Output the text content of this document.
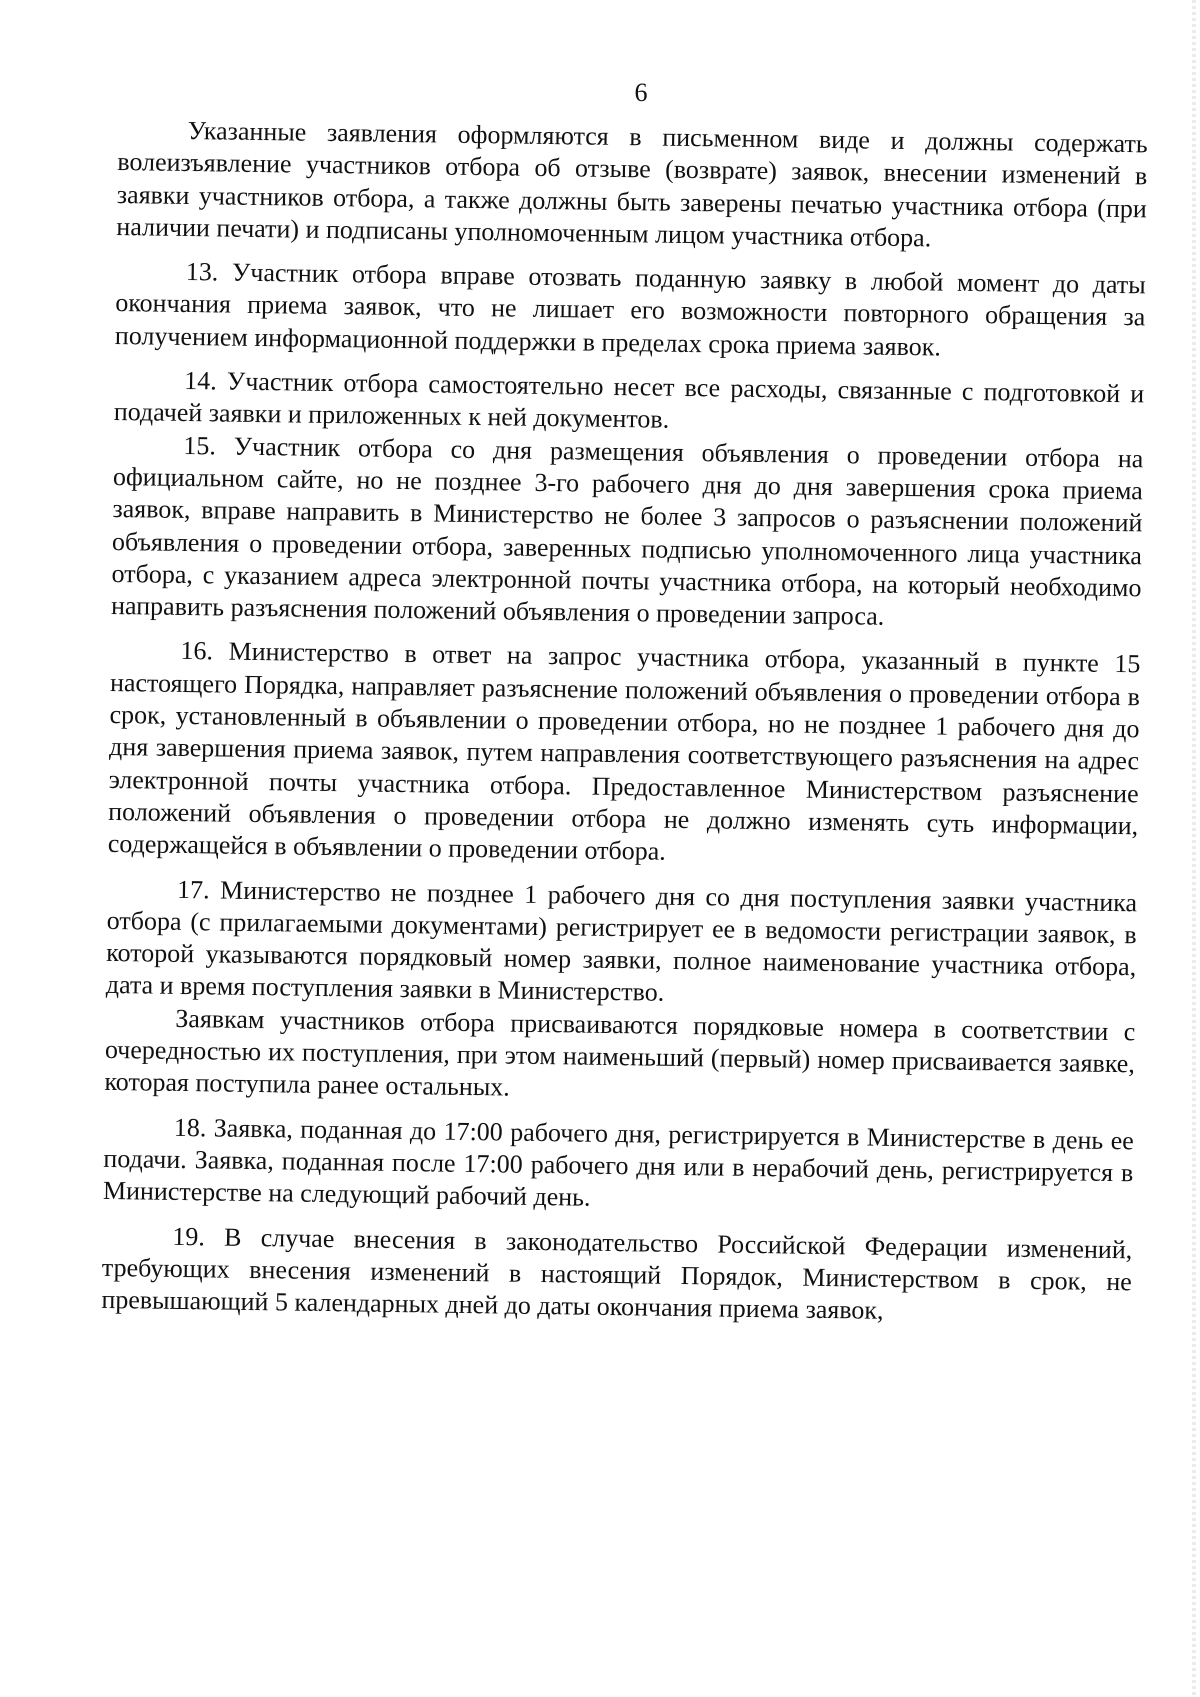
6

Указанные заявления оформляются в письменном виде и должны содержать волеизъявление участников отбора об отзыве (возврате) заявок, внесении изменений в заявки участников отбора, а также должны быть заверены печатью участника отбора (при наличии печати) и подписаны уполномоченным лицом участника отбора.

13. Участник отбора вправе отозвать поданную заявку в любой момент до даты окончания приема заявок, что не лишает его возможности повторного обращения за получением информационной поддержки в пределах срока приема заявок.

14. Участник отбора самостоятельно несет все расходы, связанные с подготовкой и подачей заявки и приложенных к ней документов.

15. Участник отбора со дня размещения объявления о проведении отбора на официальном сайте, но не позднее 3-го рабочего дня до дня завершения срока приема заявок, вправе направить в Министерство не более 3 запросов о разъяснении положений объявления о проведении отбора, заверенных подписью уполномоченного лица участника отбора, с указанием адреса электронной почты участника отбора, на который необходимо направить разъяснения положений объявления о проведении запроса.

16. Министерство в ответ на запрос участника отбора, указанный в пункте 15 настоящего Порядка, направляет разъяснение положений объявления о проведении отбора в срок, установленный в объявлении о проведении отбора, но не позднее 1 рабочего дня до дня завершения приема заявок, путем направления соответствующего разъяснения на адрес электронной почты участника отбора. Предоставленное Министерством разъяснение положений объявления о проведении отбора не должно изменять суть информации, содержащейся в объявлении о проведении отбора.

17. Министерство не позднее 1 рабочего дня со дня поступления заявки участника отбора (с прилагаемыми документами) регистрирует ее в ведомости регистрации заявок, в которой указываются порядковый номер заявки, полное наименование участника отбора, дата и время поступления заявки в Министерство.

Заявкам участников отбора присваиваются порядковые номера в соответствии с очередностью их поступления, при этом наименьший (первый) номер присваивается заявке, которая поступила ранее остальных.

18. Заявка, поданная до 17:00 рабочего дня, регистрируется в Министерстве в день ее подачи. Заявка, поданная после 17:00 рабочего дня или в нерабочий день, регистрируется в Министерстве на следующий рабочий день.

19. В случае внесения в законодательство Российской Федерации изменений, требующих внесения изменений в настоящий Порядок, Министерством в срок, не превышающий 5 календарных дней до даты окончания приема заявок,
